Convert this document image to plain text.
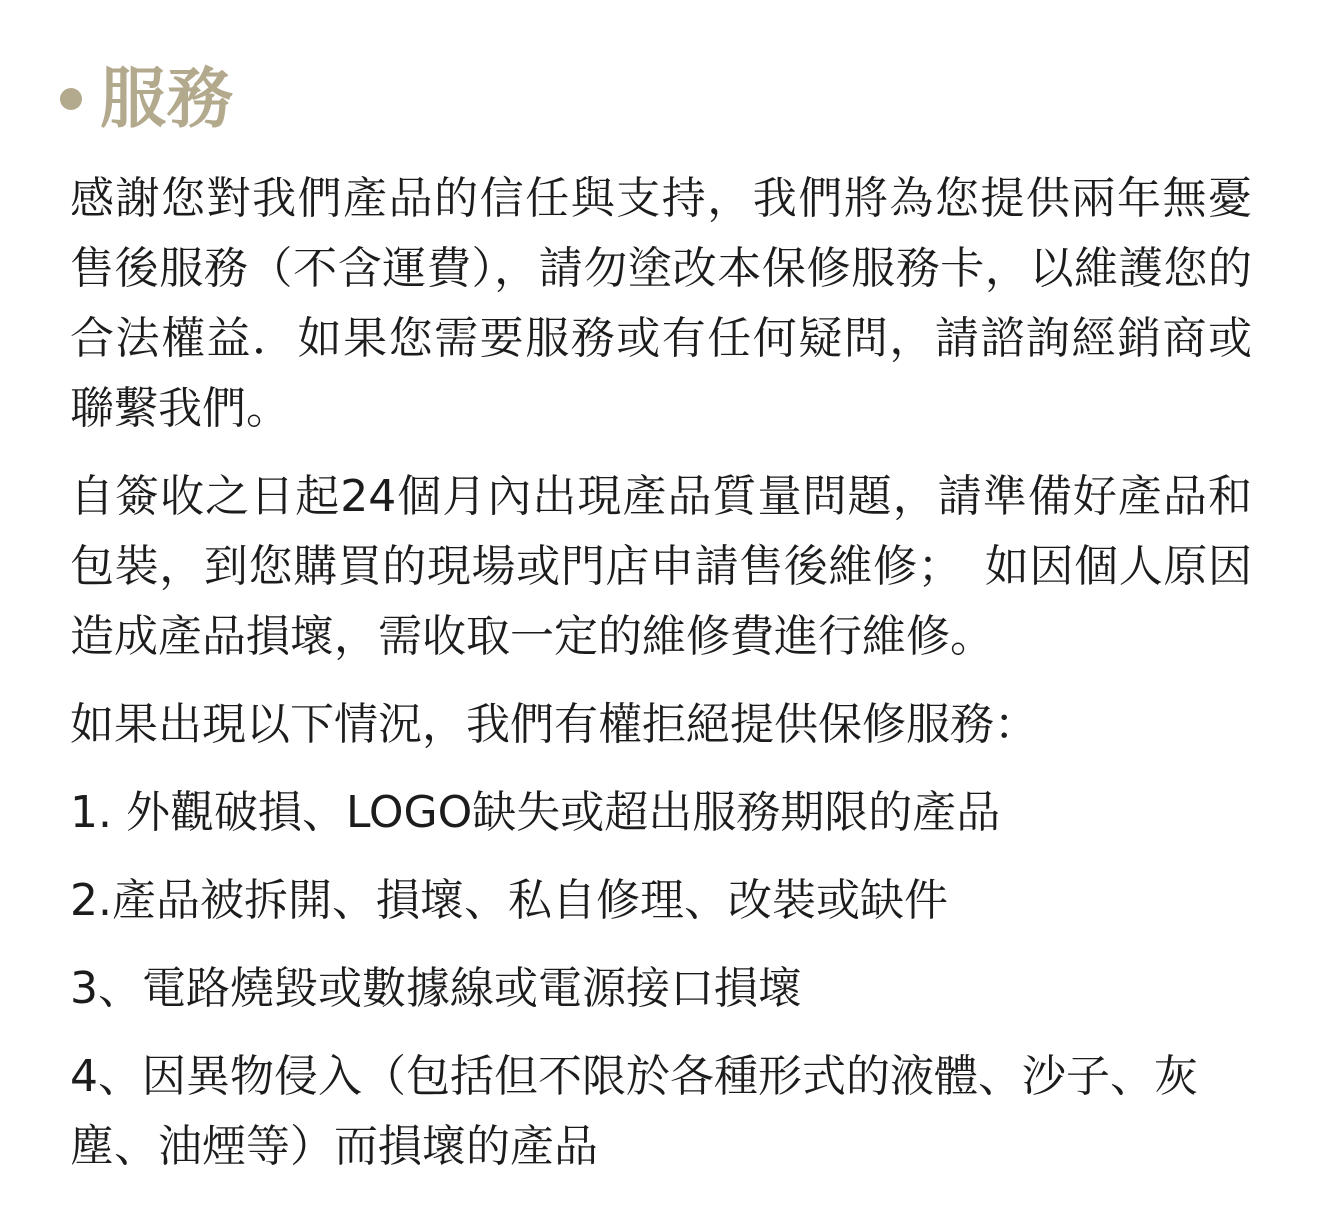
服務

感謝您對我們產品的信任與支持，我們將為您提供兩年無憂售後服務（不含運費），請勿塗改本保修服務卡，以維護您的合法權益．如果您需要服務或有任何疑問，請諮詢經銷商或聯繫我們。

自簽收之日起24個月內出現產品質量問題，請準備好產品和包裝，到您購買的現場或門店申請售後維修；　如因個人原因造成產品損壞，需收取一定的維修費進行維修。

如果出現以下情況，我們有權拒絕提供保修服務：

1. 外觀破損、LOGO缺失或超出服務期限的產品
2.產品被拆開、損壞、私自修理、改裝或缺件
3、電路燒毀或數據線或電源接口損壞
4、因異物侵入（包括但不限於各種形式的液體、沙子、灰塵、油煙等）而損壞的產品
